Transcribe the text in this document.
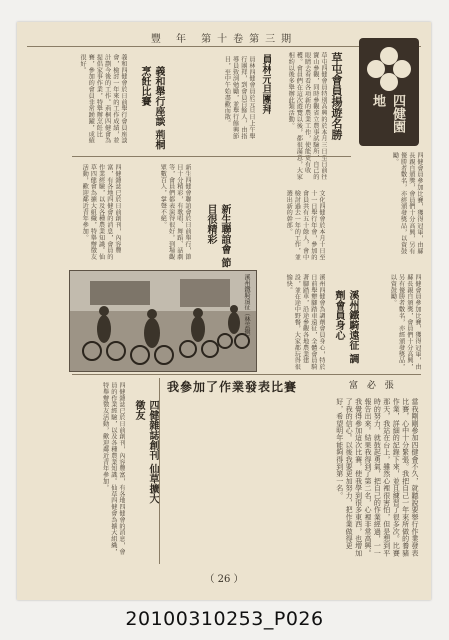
豐 年 第十卷第三期
H
四健園地
四健會員參加比賽，獲得冠軍，由縣長親自頒獎，會員們十分高興，另有優勝者數名，亦經頒發獎品，以資鼓勵。
草屯會員揚遊名勝
草屯四健會員特別高興的於本月三日至日前往寶山參觀，同時參觀省立農事試驗所，自己的眼睛去看看各項新的農業工作，使能更有收穫。會員們在這次遊覽以後，都很滿意，大家相約以後多舉辦此類活動。
員林元旦團拜
員林四健會員於元旦日上午舉行團拜，到會員百餘人，由指導員致詞勉勵，並舉行餘興節目，至中午始盡歡而散。
義和舉行座談 荊桐烹飪比賽
義和四健會於日前舉行會員座談會，檢討一年來的工作成績，並計劃今後的工作。荊桐四健會為提倡家事作業，特舉辦烹飪比賽，參加的會員非常踴躍，成績很好。
新生聯誼會 節目很精彩
新生四健會聯誼會於日前舉行，節目十分精彩，有歌唱、舞蹈、話劇等，會員們都表演得很好。到場觀眾數百人，掌聲不絕。	文化四健會於本月十日至十一日舉行年會，參加的會員共有五十餘人，會中檢討過去一年的工作，並選出新的幹部。
四健雜誌已於日前創刊，內容豐富，有各地四健會的消息，會員的作業經驗，以及各種農業知識。仙草四健會為擴大組織，特舉辦徵友活動，歡迎鄰近青年參加。
溪州鐵騎遠征 調劑會員身心
溪州四健會為調劑會員身心，特於日前舉辦腳踏車遠征，全體會員騎著腳踏車，沿途參觀各地農業建設，並在途中野餐，大家都玩得很愉快。	四健會員參加比賽，獲得冠軍，由縣長親自頒獎，會員們十分高興，另有優勝者數名，亦經頒發獎品，以資鼓勵。
溪州鐵騎遠征（林雲攝）
我參加了作業發表比賽	富 必 張
當我剛剛參加四健會不久，就聽說要舉行作業發表比賽，心中十分緊張。我把自己一年來所做的養豬作業，詳細的記錄下來，並且練習了很多次。比賽那天，我站在台上，雖然心裡很害怕，但是想到平時的努力，就鼓起勇氣，把自己的作業經過，一一報告出來。結果我得到了第二名，心裡非常高興。我覺得參加這次比賽，使我學到很多東西，也增加了我的信心。以後我要更加努力，把作業做得更好，希望明年能夠得到第一名。
四健雜誌創刊 仙草擴大徵友
四健雜誌已於日前創刊，內容豐富，有各地四健會的消息，會員的作業經驗，以及各種農業知識。仙草四健會為擴大組織，特舉辦徵友活動，歡迎鄰近青年參加。
（ 26 ）
20100310253_P026
